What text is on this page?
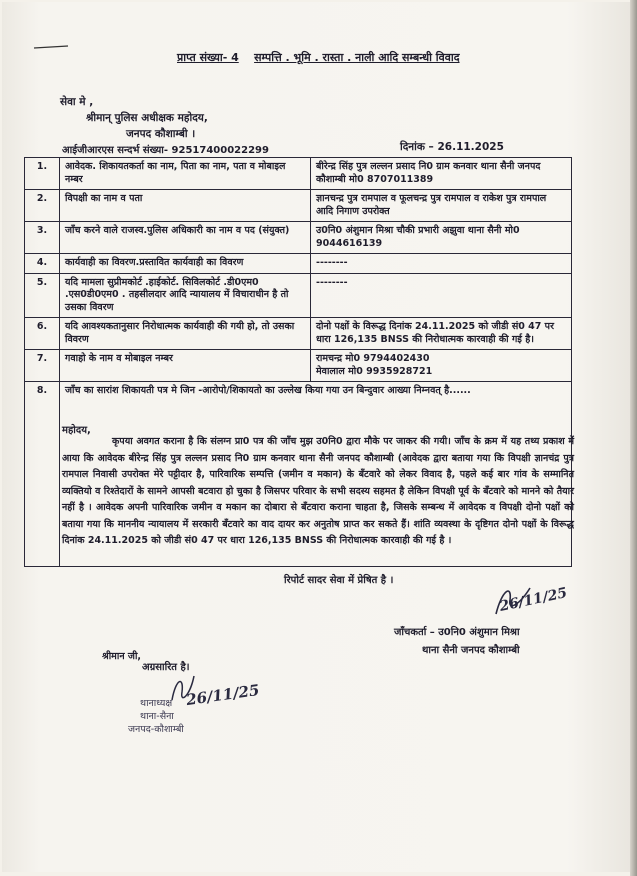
प्राप्त संख्या- 4 सम्पत्ति . भूमि . रास्ता . नाली आदि सम्बन्धी विवाद
सेवा मे ,
श्रीमान् पुलिस अधीक्षक महोदय,
जनपद कौशाम्बी ।
आईजीआरएस सन्दर्भ संख्या- 92517400022299	दिनांक – 26.11.2025
1.	आवेदक. शिकायतकर्ता का नाम, पिता का नाम, पता व मोबाइल नम्बर	बीरेन्द्र सिंह पुत्र लल्लन प्रसाद नि0 ग्राम कनवार थाना सैनी जनपद कौशाम्बी मो0 8707011389
2.	विपक्षी का नाम व पता	ज्ञानचन्द्र पुत्र रामपाल व फूलचन्द्र पुत्र रामपाल व राकेश पुत्र रामपाल आदि निगाण उपरोक्त
3.	जाँच करने वाले राजस्व.पुलिस अधिकारी का नाम व पद (संयुक्त)	उ0नि0 अंशुमान मिश्रा चौकी प्रभारी अझुवा थाना सैनी मो0 9044616139
4.	कार्यवाही का विवरण.प्रस्तावित कार्यवाही का विवरण	--------
5.	यदि मामला सुप्रीमकोर्ट .हाईकोर्ट. सिविलकोर्ट .डी0एम0 .एस0डी0एम0 . तहसीलदार आदि न्यायालय में विचाराधीन है तो उसका विवरण	--------
6.	यदि आवश्यकतानुसार निरोधात्मक कार्यवाही की गयी हो, तो उसका विवरण	दोनो पक्षों के विरूद्ध दिनांक 24.11.2025 को जीडी सं0 47 पर धारा 126,135 BNSS की निरोधात्मक कारवाही की गई है।
7.	गवाहो के नाम व मोबाइल नम्बर	रामचन्द्र मो0 9794402430
मेवालाल मो0 9935928721
8.	जाँच का सारांश शिकायती पत्र मे जिन -आरोपो/शिकायतो का उल्लेख किया गया उन बिन्दुवार आख्या निम्नवत् है......	
महोदय,
कृपया अवगत कराना है कि संलग्न प्रा0 पत्र की जाँच मुझ उ0नि0 द्वारा मौके पर जाकर की गयी। जाँच के क्रम में यह तथ्य प्रकाश में आया कि आवेदक बीरेन्द्र सिंह पुत्र लल्लन प्रसाद नि0 ग्राम कनवार थाना सैनी जनपद कौशाम्बी (आवेदक द्वारा बताया गया कि विपक्षी ज्ञानचंद्र पुत्र रामपाल निवासी उपरोक्त मेरे पट्टीदार है, पारिवारिक सम्पत्ति (जमीन व मकान) के बँटवारे को लेकर विवाद है, पहले कई बार गांव के सम्मानित व्यक्तियो व रिश्तेदारों के सामने आपसी बटवारा हो चुका है जिसपर परिवार के सभी सदस्य सहमत है लेकिन विपक्षी पूर्व के बँटवारे को मानने को तैयार नहीं है । आवेदक अपनी पारिवारिक जमीन व मकान का दोबारा से बँटवारा कराना चाहता है, जिसके सम्बन्ध में आवेदक व विपक्षी दोनो पक्षों को बताया गया कि माननीय न्यायालय में सरकारी बँटवारे का वाद दायर कर अनुतोष प्राप्त कर सकते हैं। शांति व्यवस्था के दृष्टिगत दोनो पक्षों के विरूद्ध दिनांक 24.11.2025 को जीडी सं0 47 पर धारा 126,135 BNSS की निरोधात्मक कारवाही की गई है ।
रिपोर्ट सादर सेवा में प्रेषित है ।
26/11/25
जाँचकर्ता – उ0नि0 अंशुमान मिश्रा
थाना सैनी जनपद कौशाम्बी
श्रीमान जी,
अग्रसारित है।
26/11/25
थानाध्यक्ष
थाना-सैना
जनपद-कौशाम्बी
